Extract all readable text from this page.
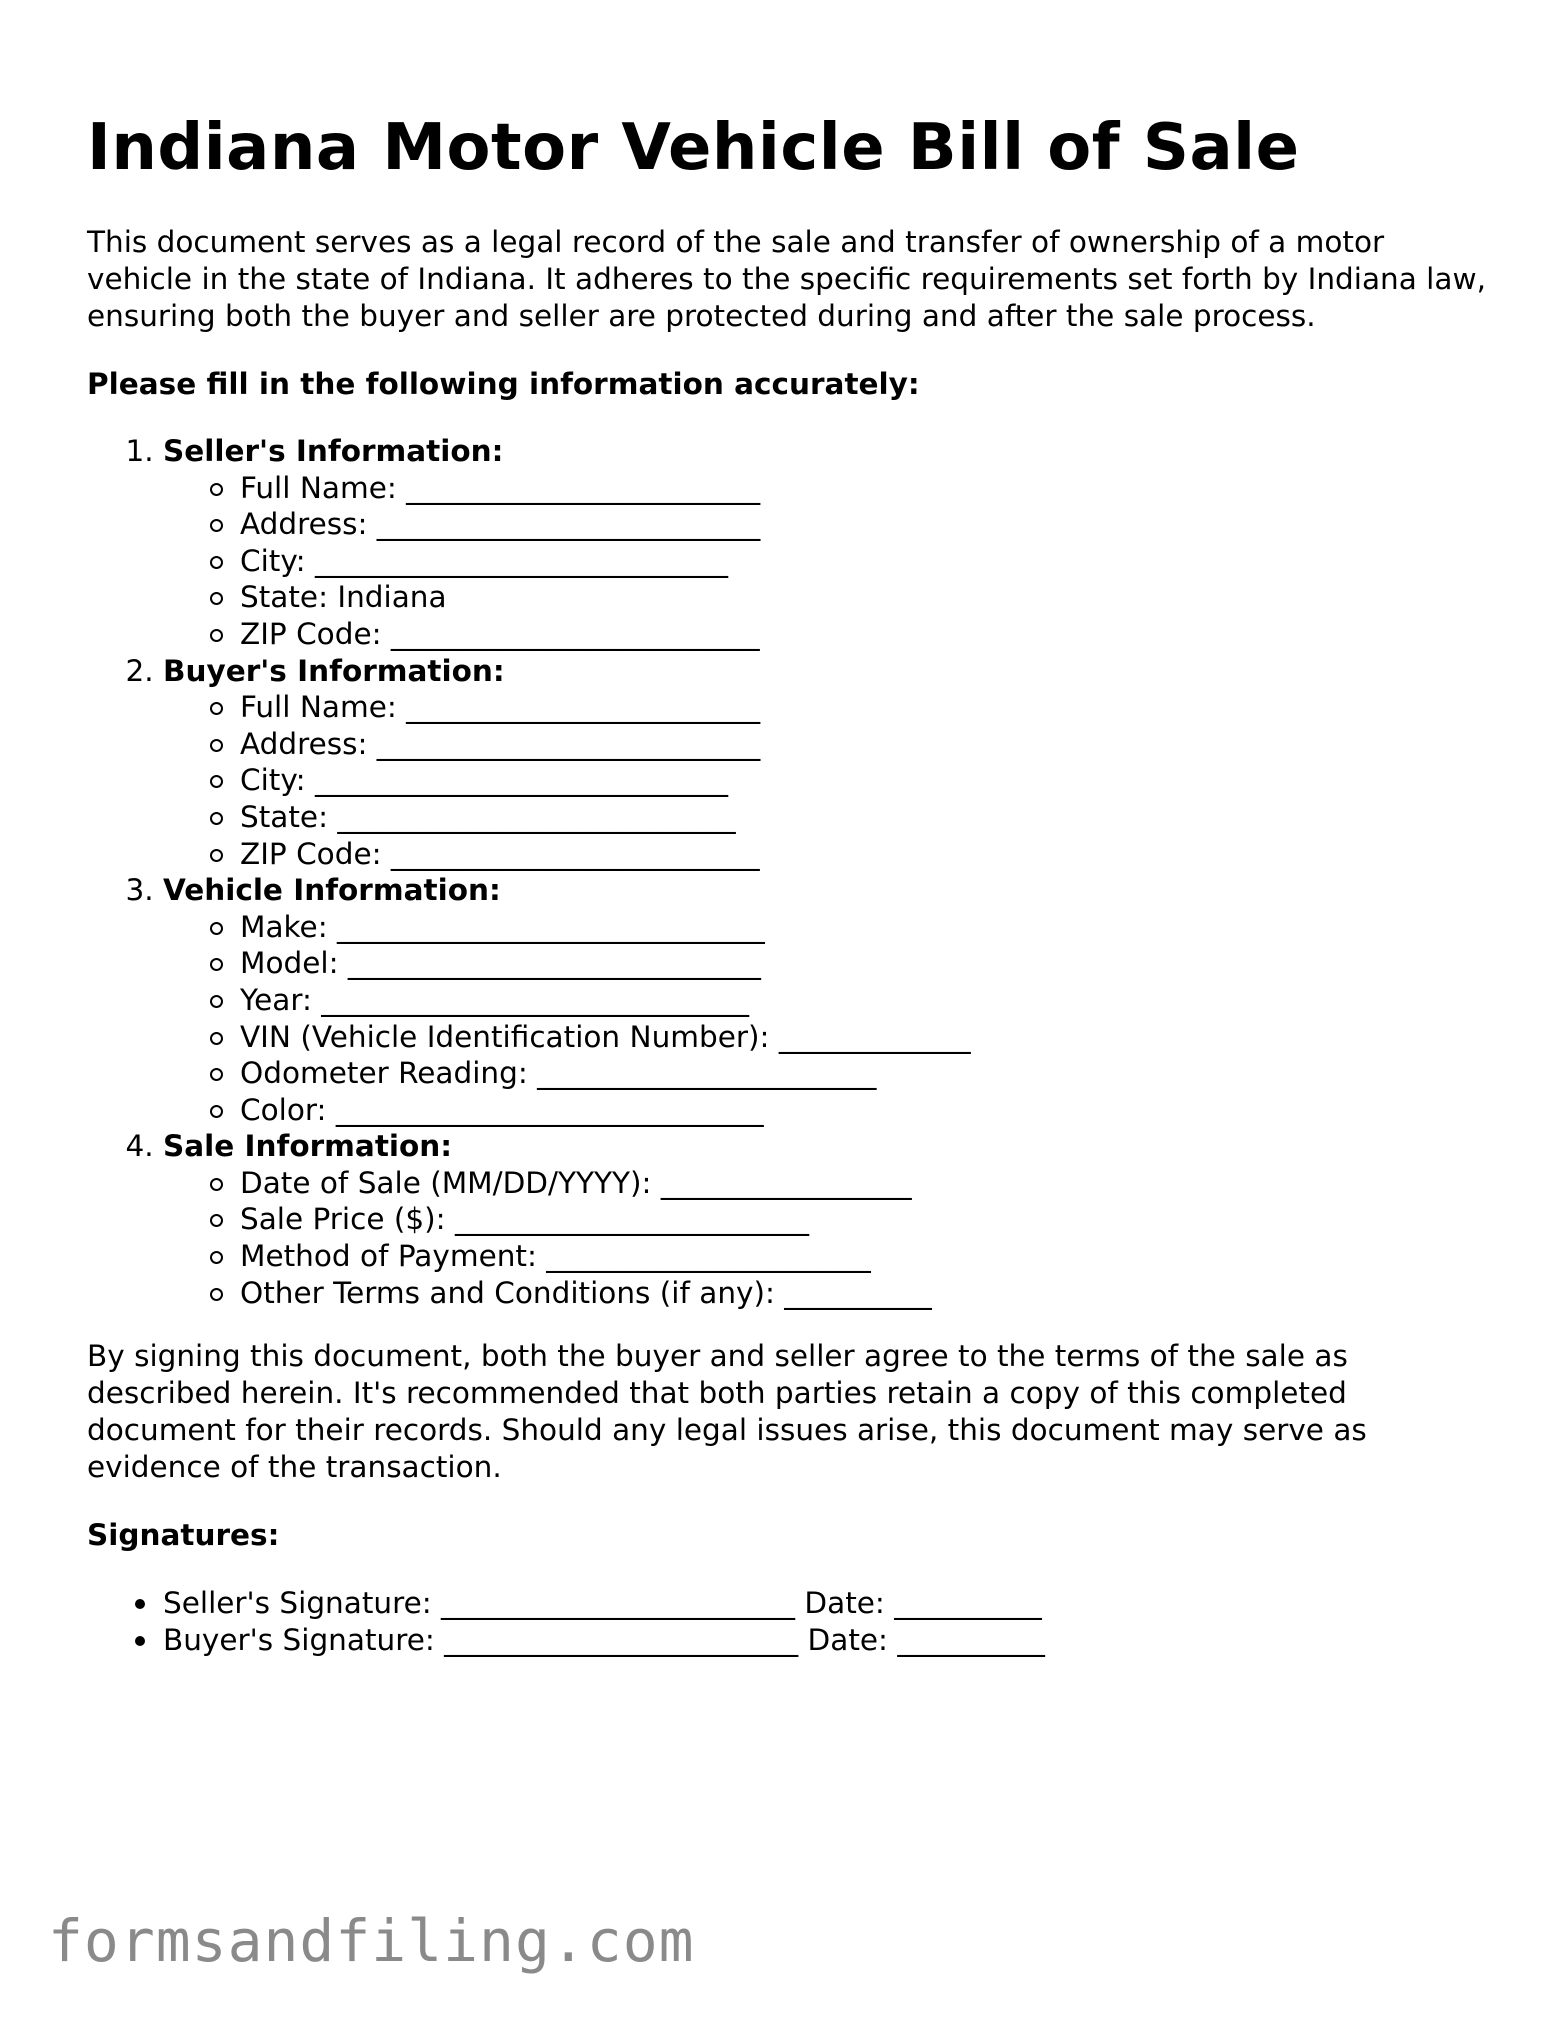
Indiana Motor Vehicle Bill of Sale

This document serves as a legal record of the sale and transfer of ownership of a motor vehicle in the state of Indiana. It adheres to the specific requirements set forth by Indiana law, ensuring both the buyer and seller are protected during and after the sale process.

Please fill in the following information accurately:

1. Seller's Information:
Full Name: ________________________
Address: __________________________
City: ____________________________
State: Indiana
ZIP Code: _________________________
2. Buyer's Information:
Full Name: ________________________
Address: __________________________
City: ____________________________
State: ___________________________
ZIP Code: _________________________
3. Vehicle Information:
Make: _____________________________
Model: ____________________________
Year: _____________________________
VIN (Vehicle Identification Number): _____________
Odometer Reading: _______________________
Color: _____________________________
4. Sale Information:
Date of Sale (MM/DD/YYYY): _________________
Sale Price ($): ________________________
Method of Payment: ______________________
Other Terms and Conditions (if any): __________

By signing this document, both the buyer and seller agree to the terms of the sale as described herein. It's recommended that both parties retain a copy of this completed document for their records. Should any legal issues arise, this document may serve as evidence of the transaction.

Signatures:

Seller's Signature: ________________________ Date: __________
Buyer's Signature: ________________________ Date: __________
formsandfiling.com
